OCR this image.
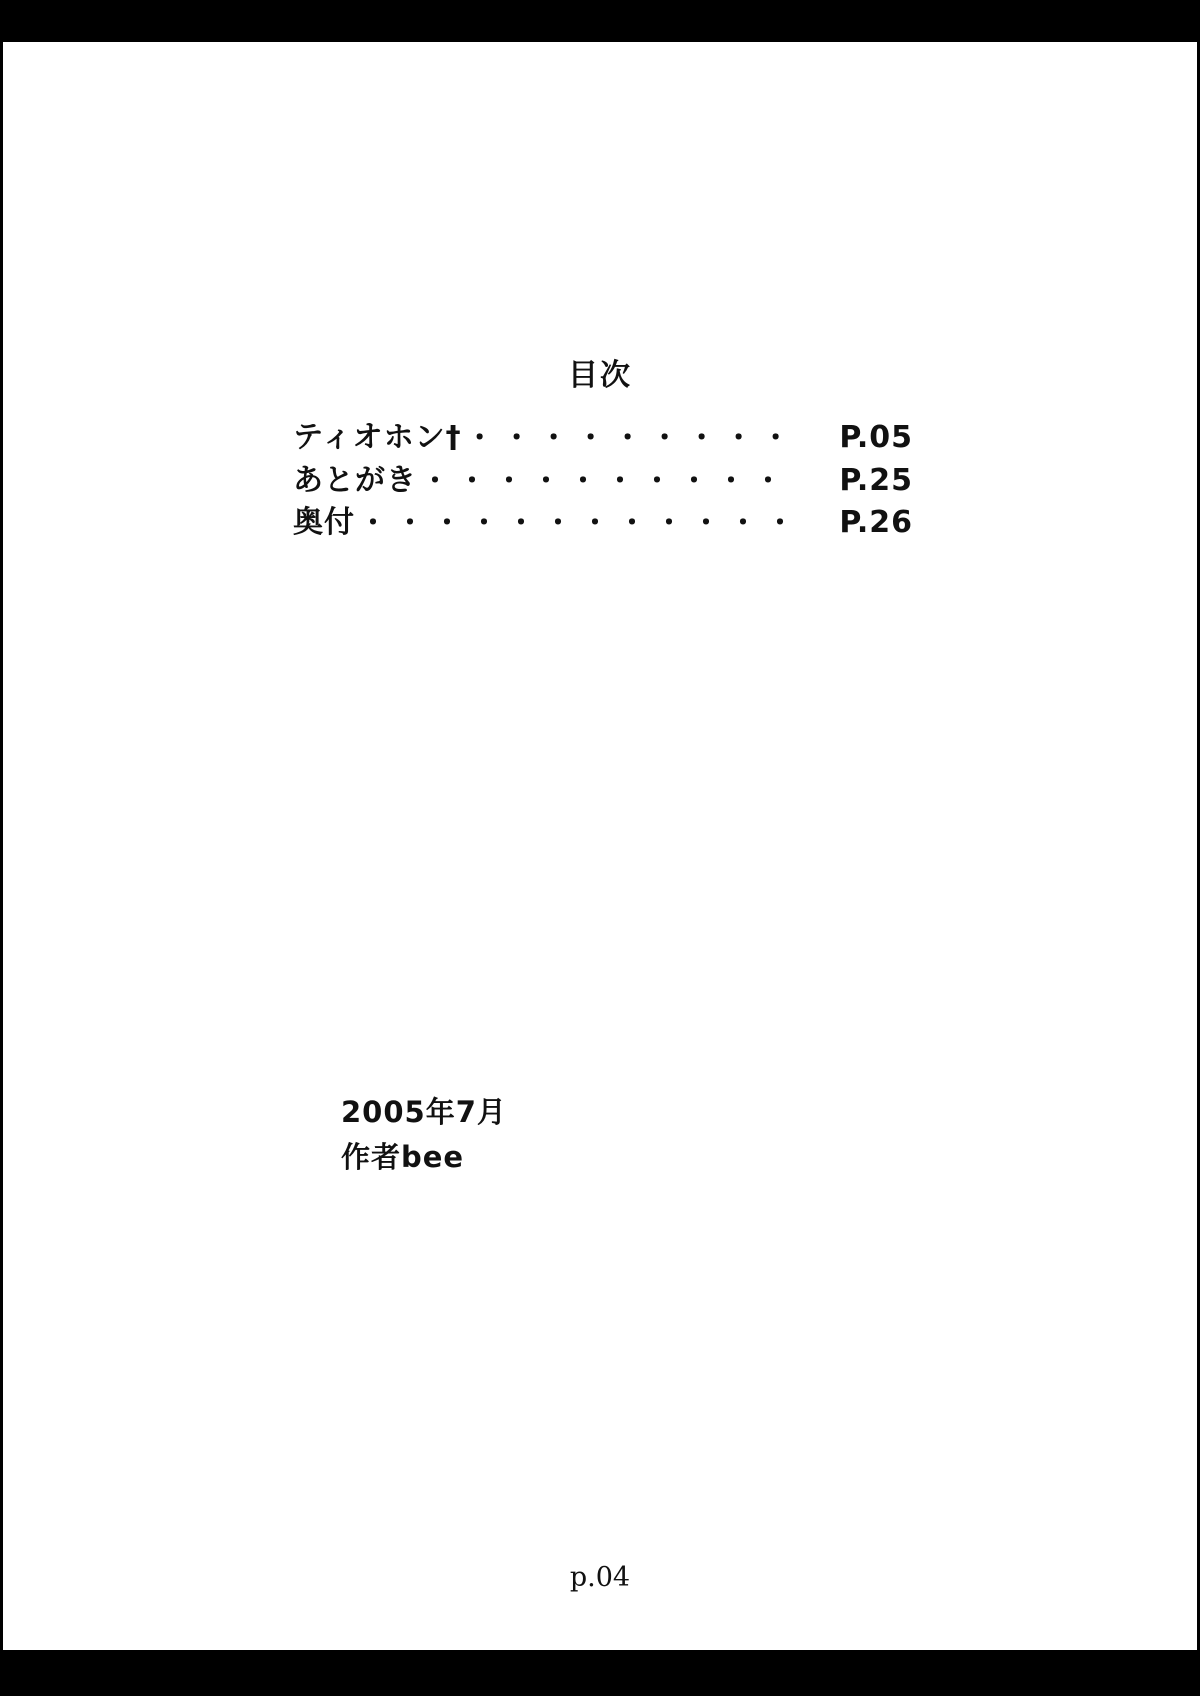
目次
ティオホン† ・・・・・・・・・	P.05
あとがき ・・・・・・・・・・	P.25
奥付 ・・・・・・・・・・・・	P.26
2005年7月
作者bee
p.04
